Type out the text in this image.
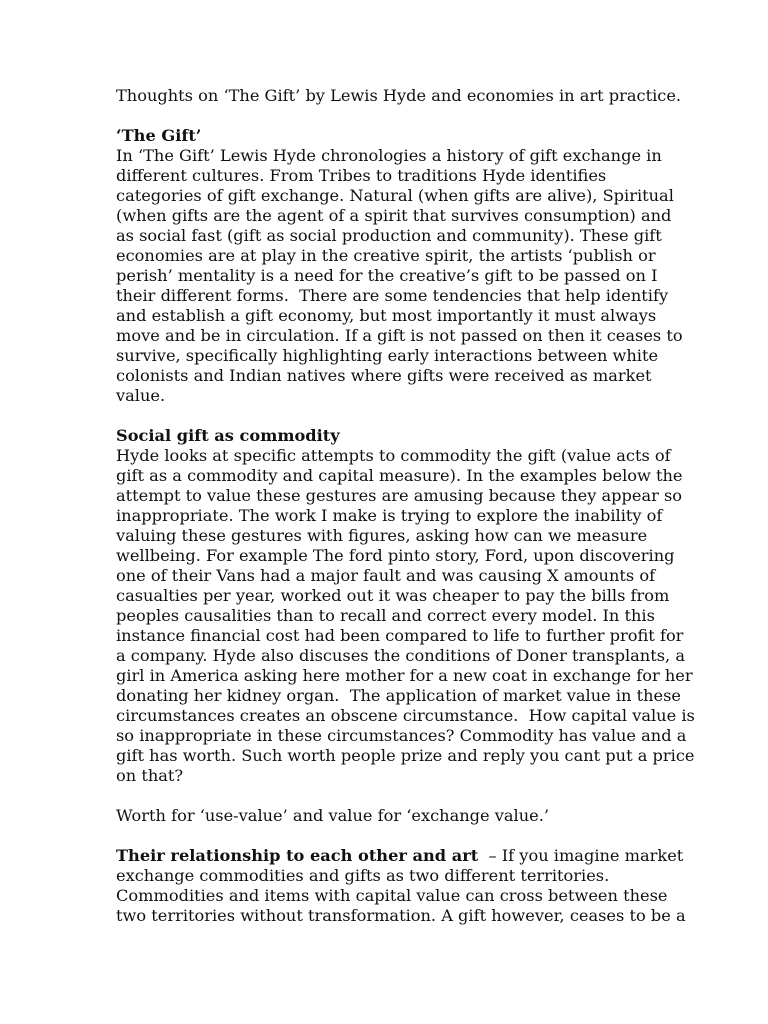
Thoughts on ‘The Gift’ by Lewis Hyde and economies in art practice.
‘The Gift’
In ‘The Gift’ Lewis Hyde chronologies a history of gift exchange in
different cultures. From Tribes to traditions Hyde identifies
categories of gift exchange. Natural (when gifts are alive), Spiritual
(when gifts are the agent of a spirit that survives consumption) and
as social fast (gift as social production and community). These gift
economies are at play in the creative spirit, the artists ‘publish or
perish’ mentality is a need for the creative’s gift to be passed on I
their different forms.  There are some tendencies that help identify
and establish a gift economy, but most importantly it must always
move and be in circulation. If a gift is not passed on then it ceases to
survive, specifically highlighting early interactions between white
colonists and Indian natives where gifts were received as market
value.
Social gift as commodity
Hyde looks at specific attempts to commodity the gift (value acts of
gift as a commodity and capital measure). In the examples below the
attempt to value these gestures are amusing because they appear so
inappropriate. The work I make is trying to explore the inability of
valuing these gestures with figures, asking how can we measure
wellbeing. For example The ford pinto story, Ford, upon discovering
one of their Vans had a major fault and was causing X amounts of
casualties per year, worked out it was cheaper to pay the bills from
peoples causalities than to recall and correct every model. In this
instance financial cost had been compared to life to further profit for
a company. Hyde also discuses the conditions of Doner transplants, a
girl in America asking here mother for a new coat in exchange for her
donating her kidney organ.  The application of market value in these
circumstances creates an obscene circumstance.  How capital value is
so inappropriate in these circumstances? Commodity has value and a
gift has worth. Such worth people prize and reply you cant put a price
on that?
Worth for ‘use-value’ and value for ‘exchange value.’
Their relationship to each other and art  – If you imagine market
exchange commodities and gifts as two different territories.
Commodities and items with capital value can cross between these
two territories without transformation. A gift however, ceases to be a
